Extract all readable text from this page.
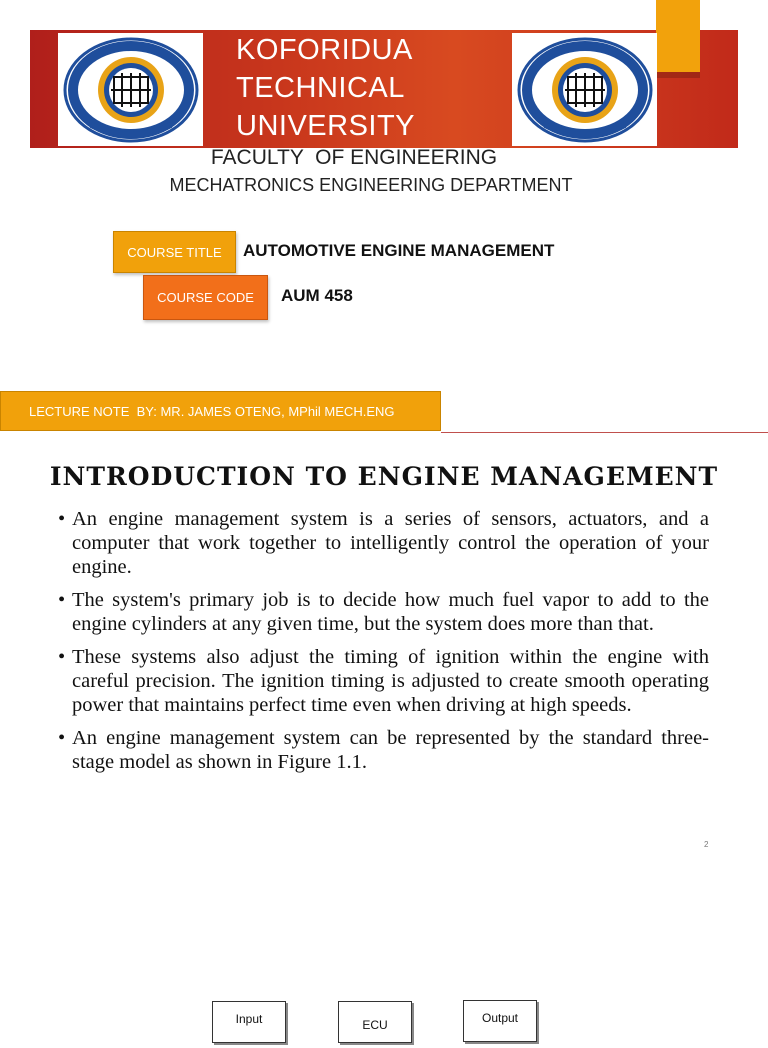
KOFORIDUA
TECHNICAL
UNIVERSITY
FACULTY  OF ENGINEERING
MECHATRONICS ENGINEERING DEPARTMENT
COURSE TITLE	AUTOMOTIVE ENGINE MANAGEMENT
COURSE CODE	AUM 458
LECTURE NOTE  BY: MR. JAMES OTENG, MPhil MECH.ENG
INTRODUCTION TO ENGINE MANAGEMENT
• An engine management system is a series of sensors, actuators, and a computer that work together to intelligently control the operation of your engine.
• The system's primary job is to decide how much fuel vapor to add to the engine cylinders at any given time, but the system does more than that.
• These systems also adjust the timing of ignition within the engine with careful precision. The ignition timing is adjusted to create smooth operating power that maintains perfect time even when driving at high speeds.
• An engine management system can be represented by the standard three-stage model as shown in Figure 1.1.
2
Input	ECU	Output
